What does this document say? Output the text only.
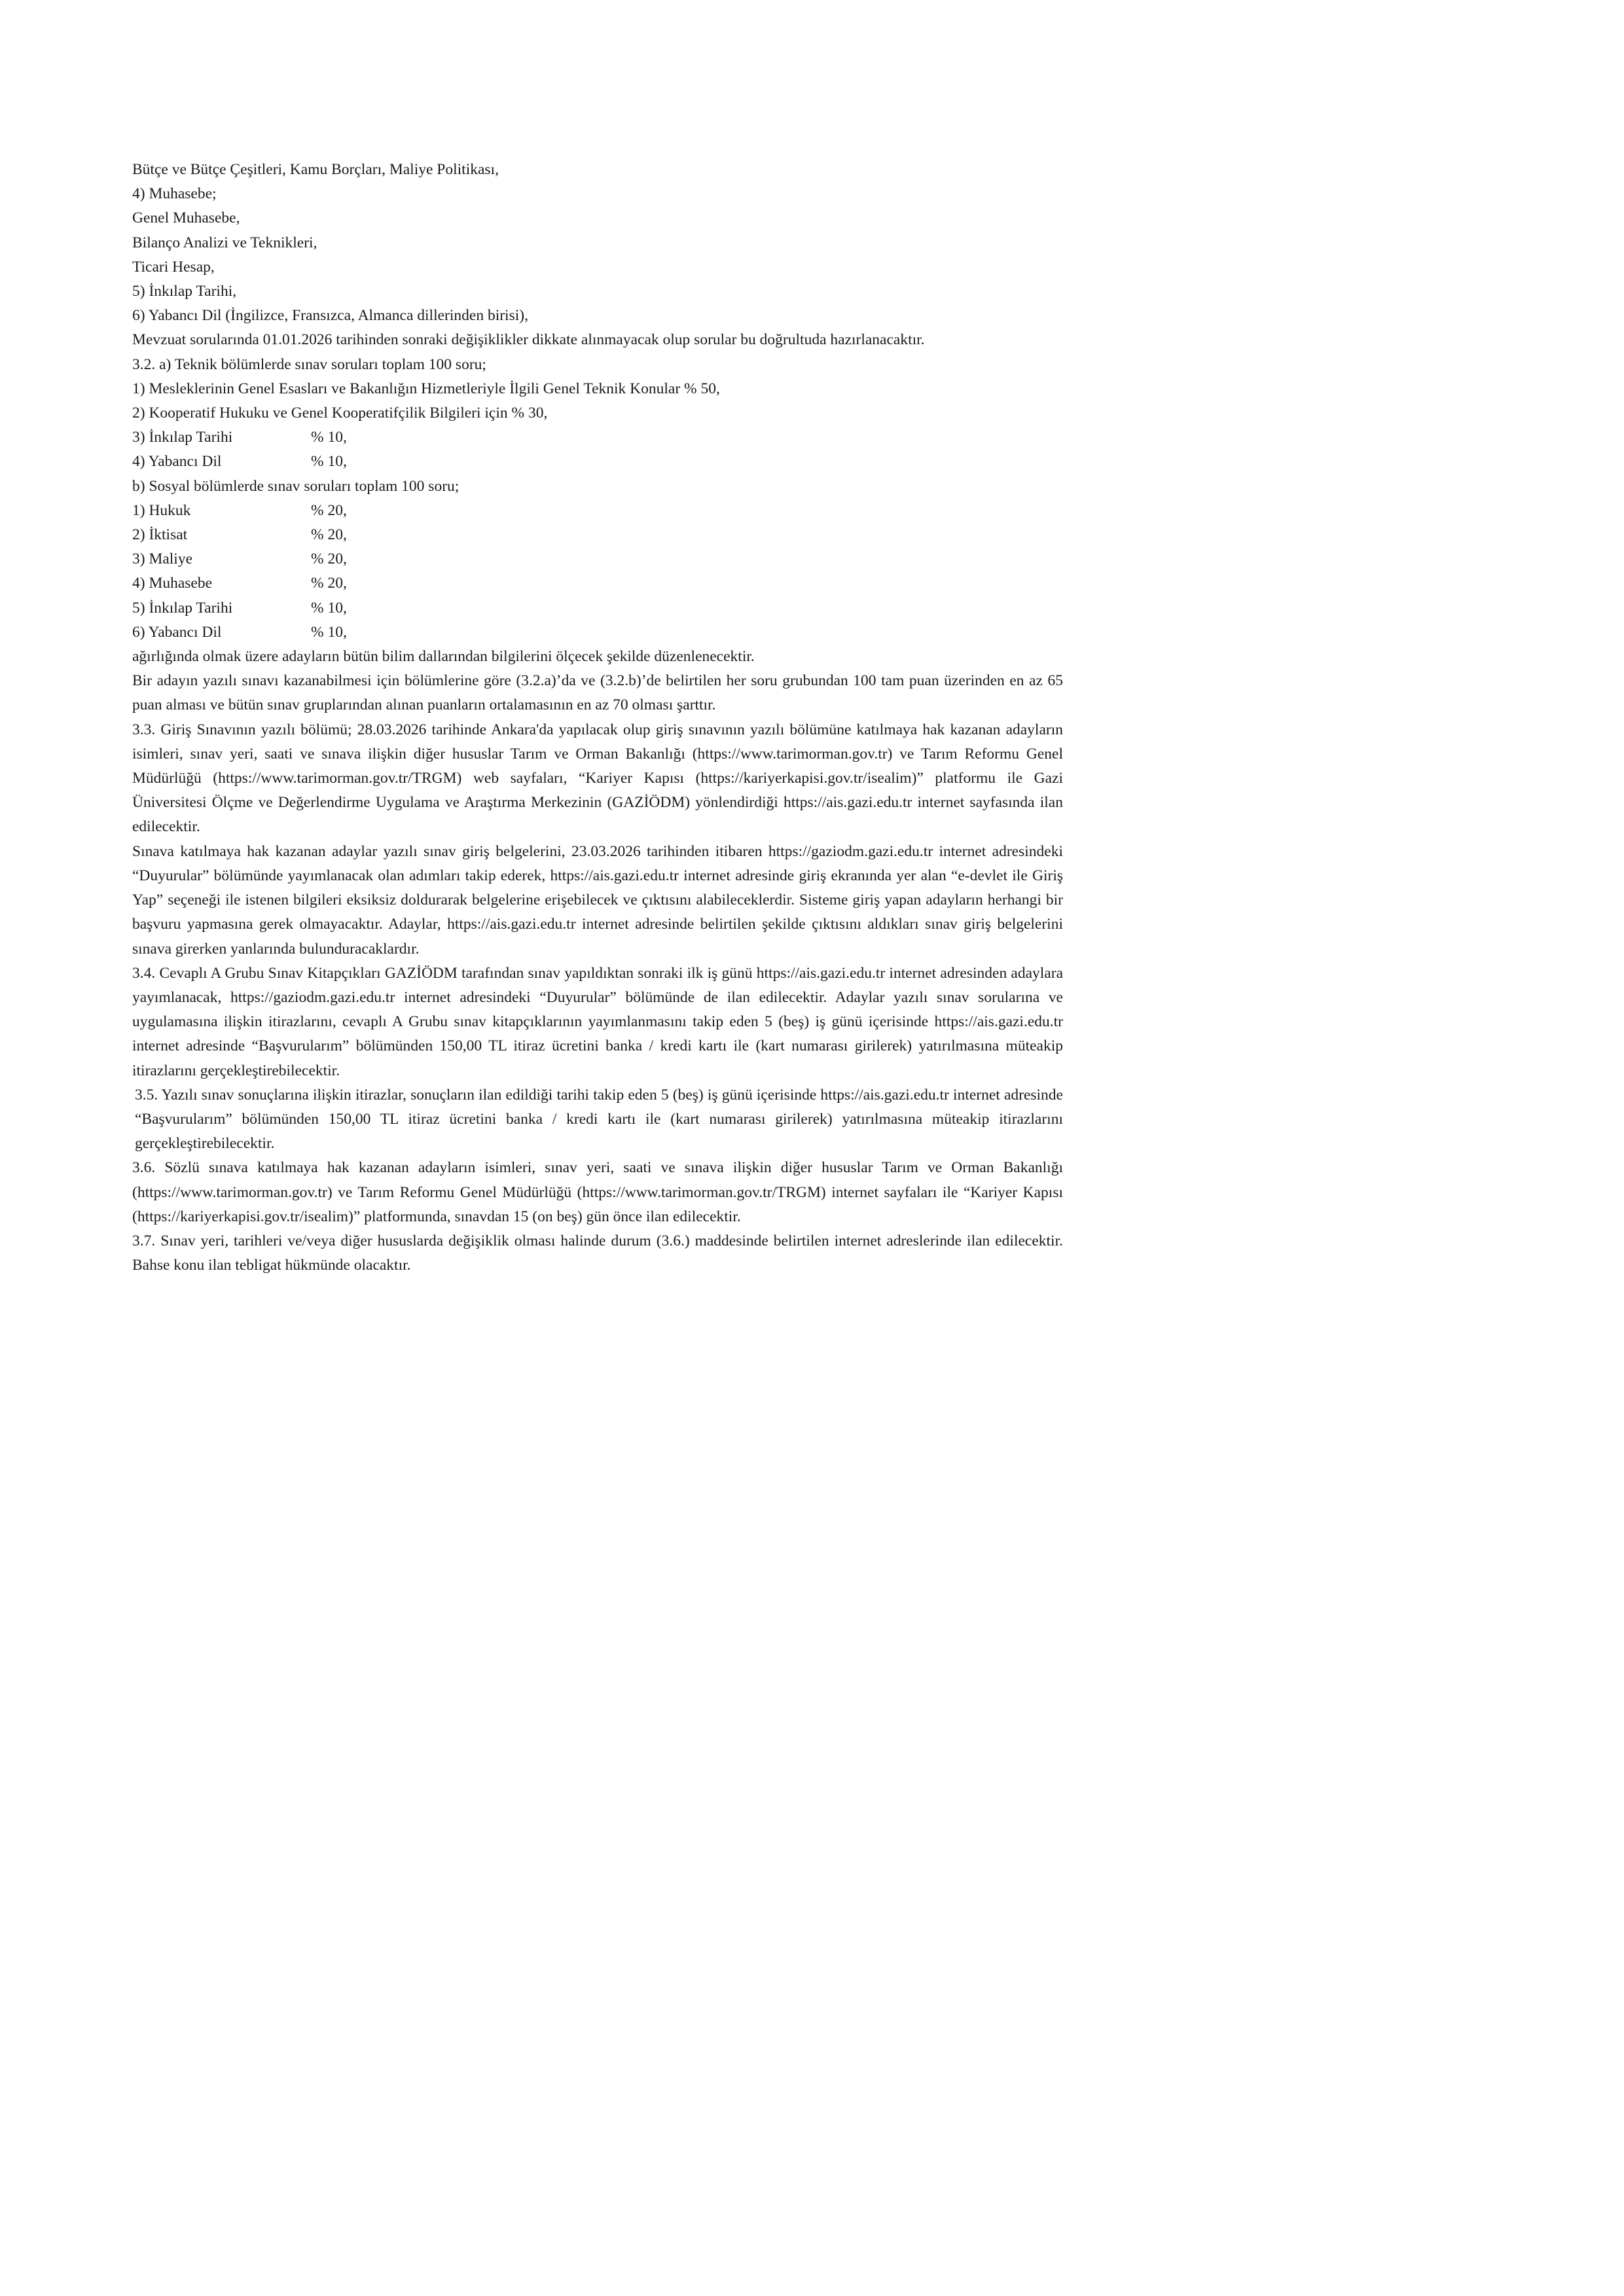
Bütçe ve Bütçe Çeşitleri, Kamu Borçları, Maliye Politikası,
4) Muhasebe;
Genel Muhasebe,
Bilanço Analizi ve Teknikleri,
Ticari Hesap,
5) İnkılap Tarihi,
6) Yabancı Dil (İngilizce, Fransızca, Almanca dillerinden birisi),
Mevzuat sorularında 01.01.2026 tarihinden sonraki değişiklikler dikkate alınmayacak olup sorular bu doğrultuda hazırlanacaktır.
3.2. a) Teknik bölümlerde sınav soruları toplam 100 soru;
1) Mesleklerinin Genel Esasları ve Bakanlığın Hizmetleriyle İlgili Genel Teknik Konular % 50,
2) Kooperatif Hukuku ve Genel Kooperatifçilik Bilgileri için % 30,
3) İnkılap Tarihi	% 10,
4) Yabancı Dil	% 10,
b) Sosyal bölümlerde sınav soruları toplam 100 soru;
1) Hukuk	% 20,
2) İktisat	% 20,
3) Maliye	% 20,
4) Muhasebe	% 20,
5) İnkılap Tarihi	% 10,
6) Yabancı Dil	% 10,
ağırlığında olmak üzere adayların bütün bilim dallarından bilgilerini ölçecek şekilde düzenlenecektir.
Bir adayın yazılı sınavı kazanabilmesi için bölümlerine göre (3.2.a)’da ve (3.2.b)’de belirtilen her soru grubundan 100 tam puan üzerinden en az 65 puan alması ve bütün sınav gruplarından alınan puanların ortalamasının en az 70 olması şarttır.
3.3. Giriş Sınavının yazılı bölümü; 28.03.2026 tarihinde Ankara'da yapılacak olup giriş sınavının yazılı bölümüne katılmaya hak kazanan adayların isimleri, sınav yeri, saati ve sınava ilişkin diğer hususlar Tarım ve Orman Bakanlığı (https://www.tarimorman.gov.tr) ve Tarım Reformu Genel Müdürlüğü (https://www.tarimorman.gov.tr/TRGM) web sayfaları, “Kariyer Kapısı (https://kariyerkapisi.gov.tr/isealim)” platformu ile Gazi Üniversitesi Ölçme ve Değerlendirme Uygulama ve Araştırma Merkezinin (GAZİÖDM) yönlendirdiği https://ais.gazi.edu.tr internet sayfasında ilan edilecektir.
Sınava katılmaya hak kazanan adaylar yazılı sınav giriş belgelerini, 23.03.2026 tarihinden itibaren https://gaziodm.gazi.edu.tr internet adresindeki “Duyurular” bölümünde yayımlanacak olan adımları takip ederek, https://ais.gazi.edu.tr internet adresinde giriş ekranında yer alan “e-devlet ile Giriş Yap” seçeneği ile istenen bilgileri eksiksiz doldurarak belgelerine erişebilecek ve çıktısını alabileceklerdir. Sisteme giriş yapan adayların herhangi bir başvuru yapmasına gerek olmayacaktır. Adaylar, https://ais.gazi.edu.tr internet adresinde belirtilen şekilde çıktısını aldıkları sınav giriş belgelerini sınava girerken yanlarında bulunduracaklardır.
3.4. Cevaplı A Grubu Sınav Kitapçıkları GAZİÖDM tarafından sınav yapıldıktan sonraki ilk iş günü https://ais.gazi.edu.tr internet adresinden adaylara yayımlanacak, https://gaziodm.gazi.edu.tr internet adresindeki “Duyurular” bölümünde de ilan edilecektir. Adaylar yazılı sınav sorularına ve uygulamasına ilişkin itirazlarını, cevaplı A Grubu sınav kitapçıklarının yayımlanmasını takip eden 5 (beş) iş günü içerisinde https://ais.gazi.edu.tr internet adresinde “Başvurularım” bölümünden 150,00 TL itiraz ücretini banka / kredi kartı ile (kart numarası girilerek) yatırılmasına müteakip itirazlarını gerçekleştirebilecektir.
3.5. Yazılı sınav sonuçlarına ilişkin itirazlar, sonuçların ilan edildiği tarihi takip eden 5 (beş) iş günü içerisinde https://ais.gazi.edu.tr internet adresinde “Başvurularım” bölümünden 150,00 TL itiraz ücretini banka / kredi kartı ile (kart numarası girilerek) yatırılmasına müteakip itirazlarını gerçekleştirebilecektir.
3.6. Sözlü sınava katılmaya hak kazanan adayların isimleri, sınav yeri, saati ve sınava ilişkin diğer hususlar Tarım ve Orman Bakanlığı (https://www.tarimorman.gov.tr) ve Tarım Reformu Genel Müdürlüğü (https://www.tarimorman.gov.tr/TRGM) internet sayfaları ile “Kariyer Kapısı (https://kariyerkapisi.gov.tr/isealim)” platformunda, sınavdan 15 (on beş) gün önce ilan edilecektir.
3.7. Sınav yeri, tarihleri ve/veya diğer hususlarda değişiklik olması halinde durum (3.6.) maddesinde belirtilen internet adreslerinde ilan edilecektir. Bahse konu ilan tebligat hükmünde olacaktır.
